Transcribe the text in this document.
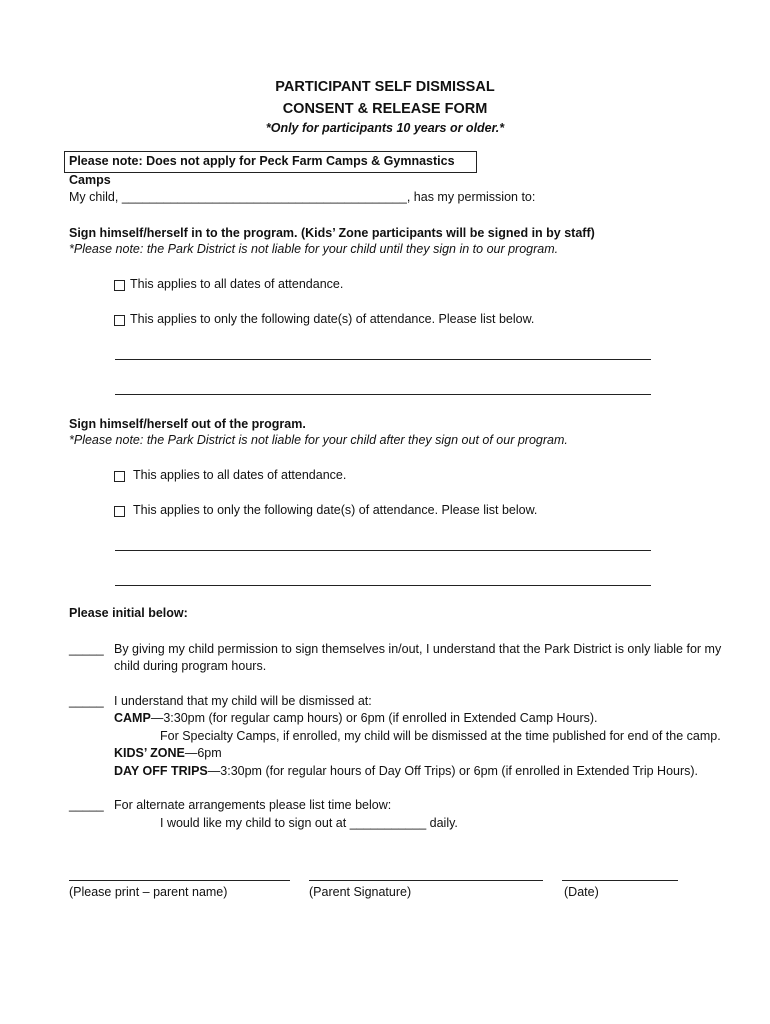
PARTICIPANT SELF DISMISSAL
CONSENT & RELEASE FORM
*Only for participants 10 years or older.*
Please note: Does not apply for Peck Farm Camps & Gymnastics Camps
My child, _________________________________________, has my permission to:
Sign himself/herself in to the program. (Kids’ Zone participants will be signed in by staff)
*Please note: the Park District is not liable for your child until they sign in to our program.
This applies to all dates of attendance.
This applies to only the following date(s) of attendance. Please list below.
Sign himself/herself out of the program.
*Please note: the Park District is not liable for your child after they sign out of our program.
This applies to all dates of attendance.
This applies to only the following date(s) of attendance. Please list below.
Please initial below:
_____ By giving my child permission to sign themselves in/out, I understand that the Park District is only liable for my
child during program hours.
_____ I understand that my child will be dismissed at:
CAMP—3:30pm (for regular camp hours) or 6pm (if enrolled in Extended Camp Hours).
For Specialty Camps, if enrolled, my child will be dismissed at the time published for end of the camp.
KIDS’ ZONE—6pm
DAY OFF TRIPS—3:30pm (for regular hours of Day Off Trips) or 6pm (if enrolled in Extended Trip Hours).
_____ For alternate arrangements please list time below:
I would like my child to sign out at ___________ daily.
(Please print – parent name)	(Parent Signature)	(Date)
